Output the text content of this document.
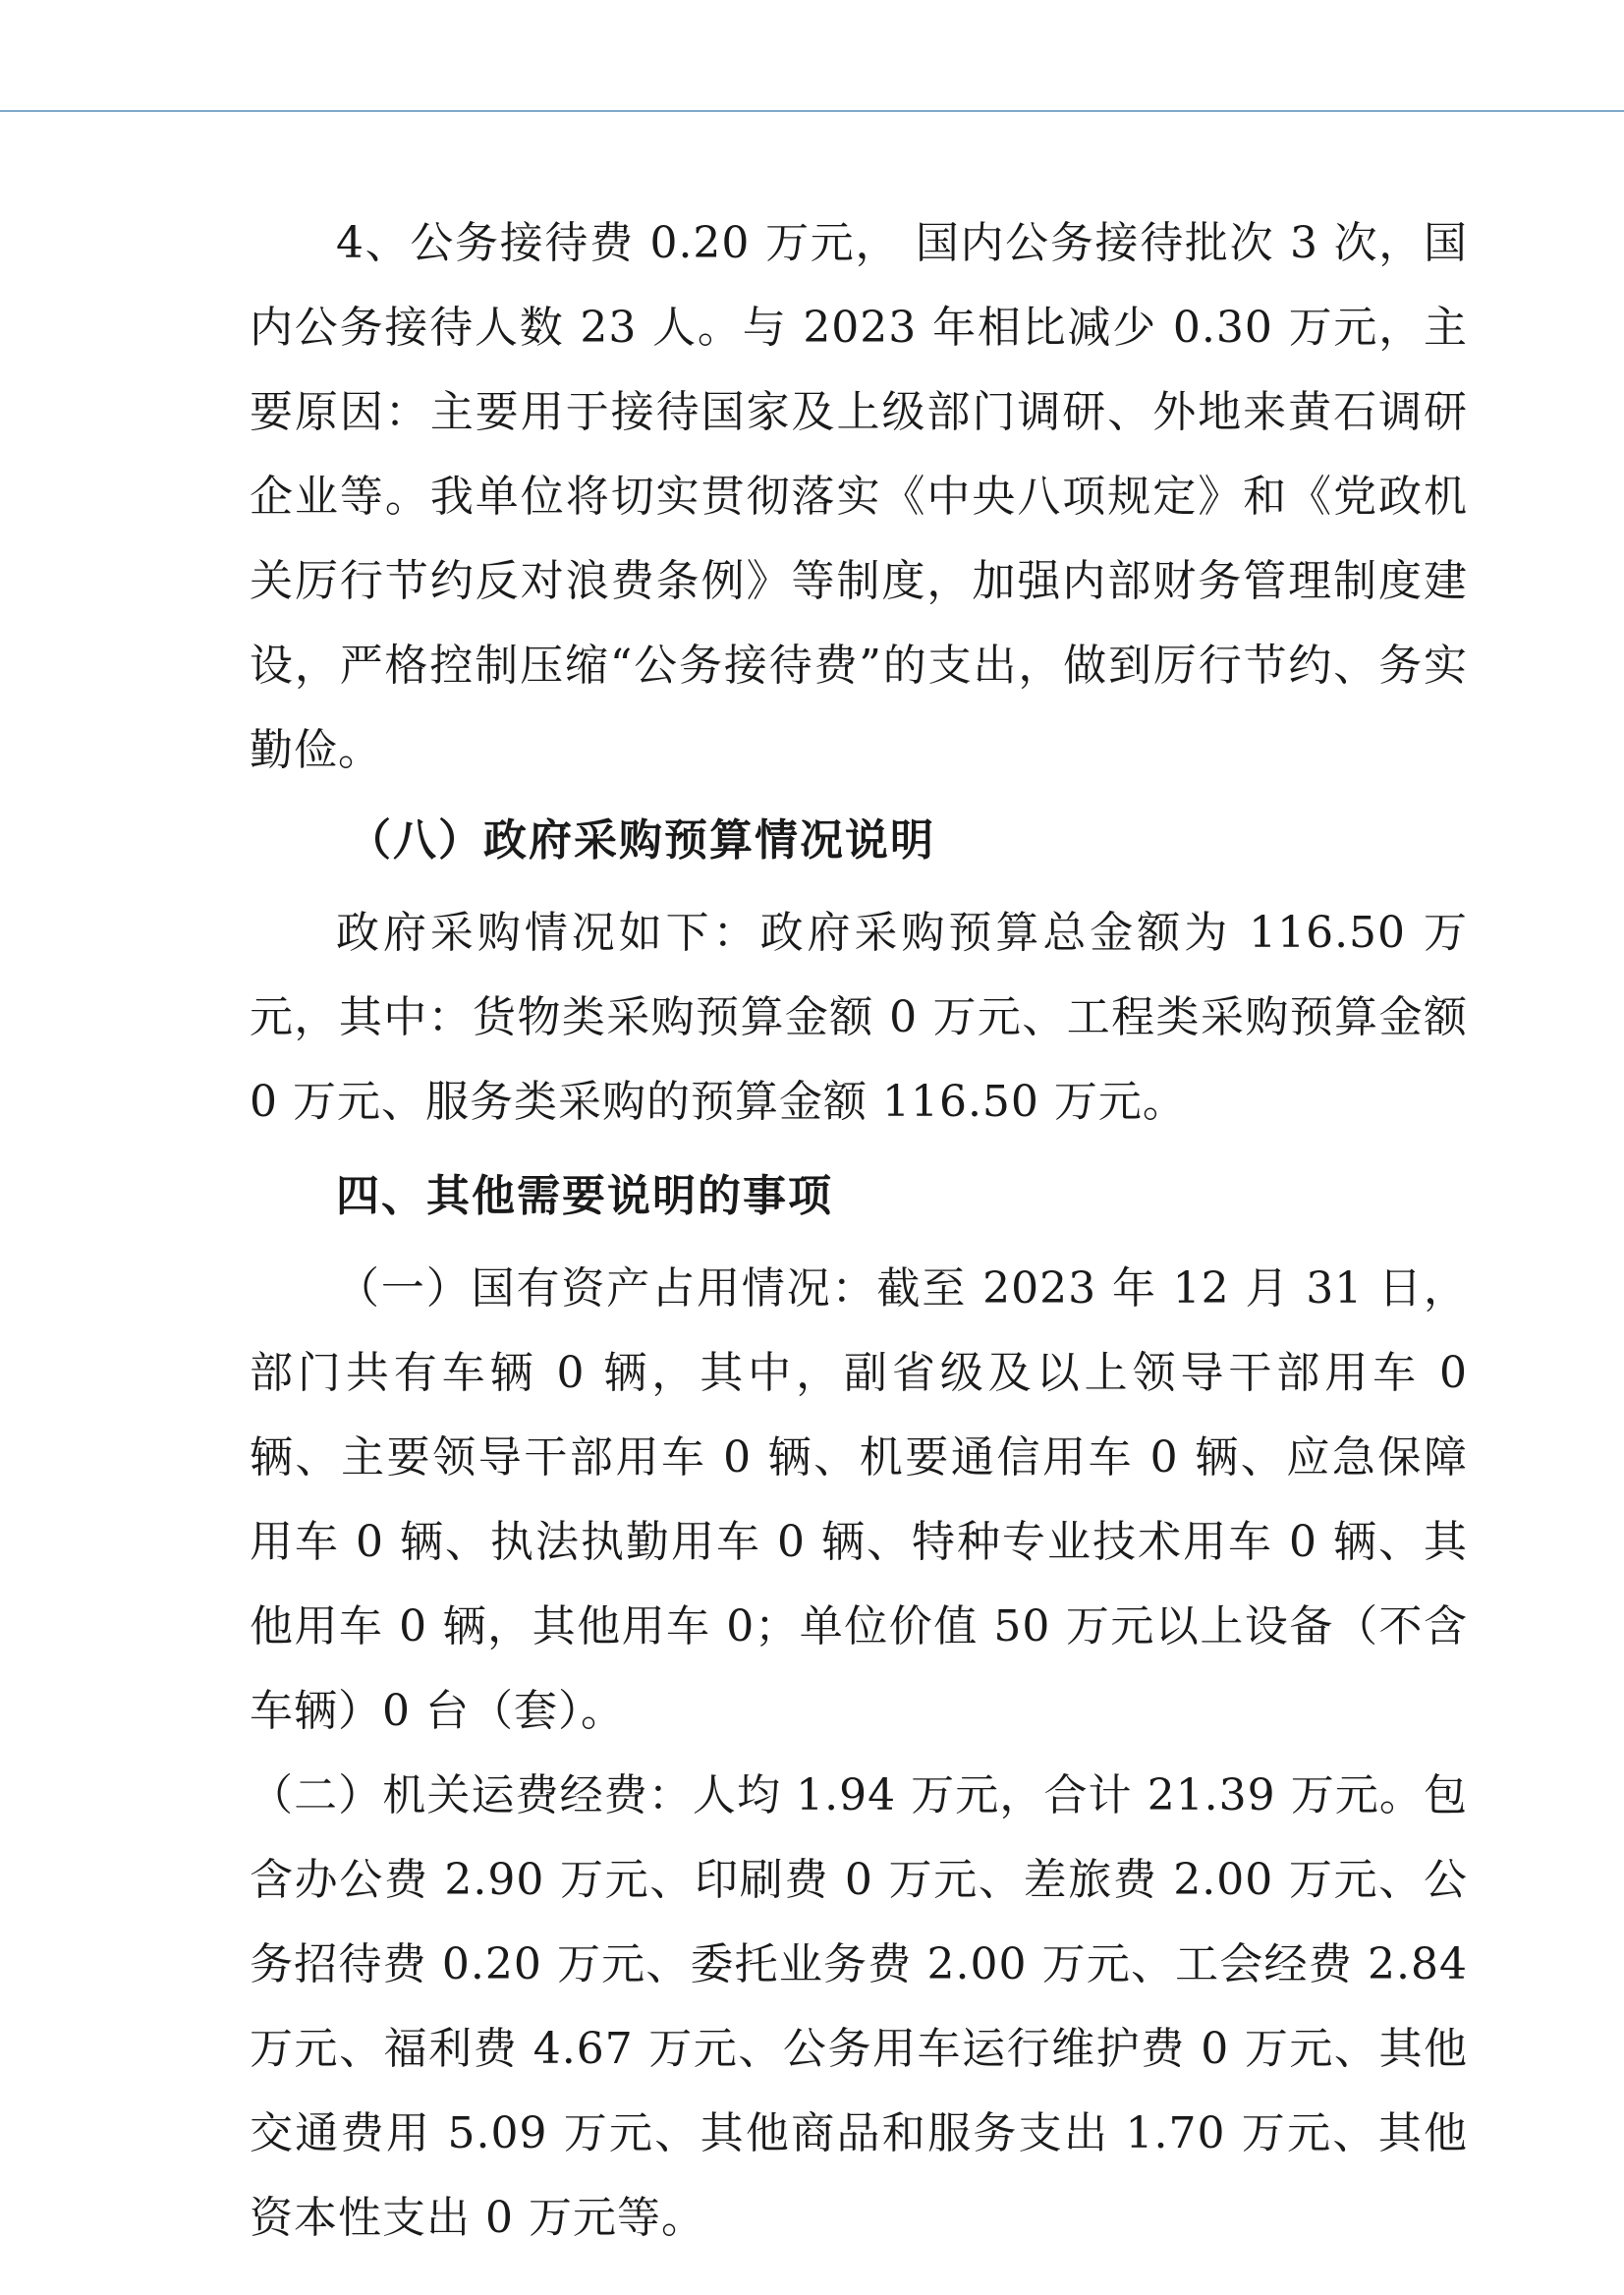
4、公务接待费 0.20 万元， 国内公务接待批次 3 次，国内公务接待人数 23 人。与 2023 年相比减少 0.30 万元，主要原因：主要用于接待国家及上级部门调研、外地来黄石调研企业等。我单位将切实贯彻落实《中央八项规定》和《党政机关厉行节约反对浪费条例》等制度，加强内部财务管理制度建设，严格控制压缩“公务接待费”的支出，做到厉行节约、务实勤俭。

（八）政府采购预算情况说明

政府采购情况如下：政府采购预算总金额为 116.50 万元，其中：货物类采购预算金额 0 万元、工程类采购预算金额 0 万元、服务类采购的预算金额 116.50 万元。

四、其他需要说明的事项

（一）国有资产占用情况：截至 2023 年 12 月 31 日，部门共有车辆 0 辆，其中，副省级及以上领导干部用车 0 辆、主要领导干部用车 0 辆、机要通信用车 0 辆、应急保障用车 0 辆、执法执勤用车 0 辆、特种专业技术用车 0 辆、其他用车 0 辆，其他用车 0；单位价值 50 万元以上设备（不含车辆）0 台（套）。

（二）机关运费经费：人均 1.94 万元，合计 21.39 万元。包含办公费 2.90 万元、印刷费 0 万元、差旅费 2.00 万元、公务招待费 0.20 万元、委托业务费 2.00 万元、工会经费 2.84 万元、福利费 4.67 万元、公务用车运行维护费 0 万元、其他交通费用 5.09 万元、其他商品和服务支出 1.70 万元、其他资本性支出 0 万元等。
